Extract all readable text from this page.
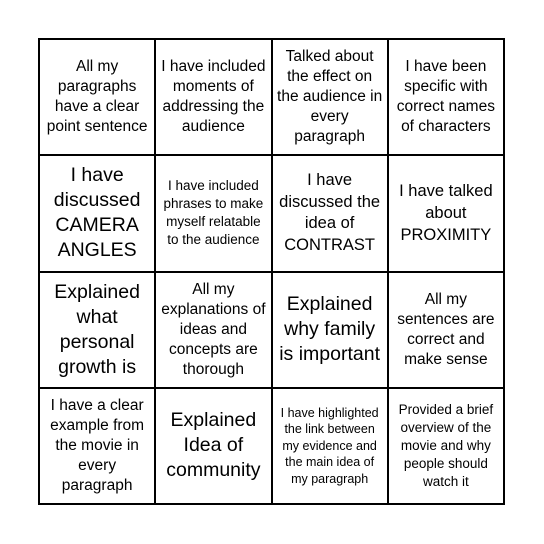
All my paragraphs have a clear point sentence
I have included moments of addressing the audience
Talked about the effect on the audience in every paragraph
I have been specific with correct names of characters
I have discussed CAMERA ANGLES
I have included phrases to make myself relatable to the audience
I have discussed the idea of CONTRAST
I have talked about PROXIMITY
Explained what personal growth is
All my explanations of ideas and concepts are thorough
Explained why family is important
All my sentences are correct and make sense
I have a clear example from the movie in every paragraph
Explained Idea of community
I have highlighted the link between my evidence and the main idea of my paragraph
Provided a brief overview of the movie and why people should watch it
